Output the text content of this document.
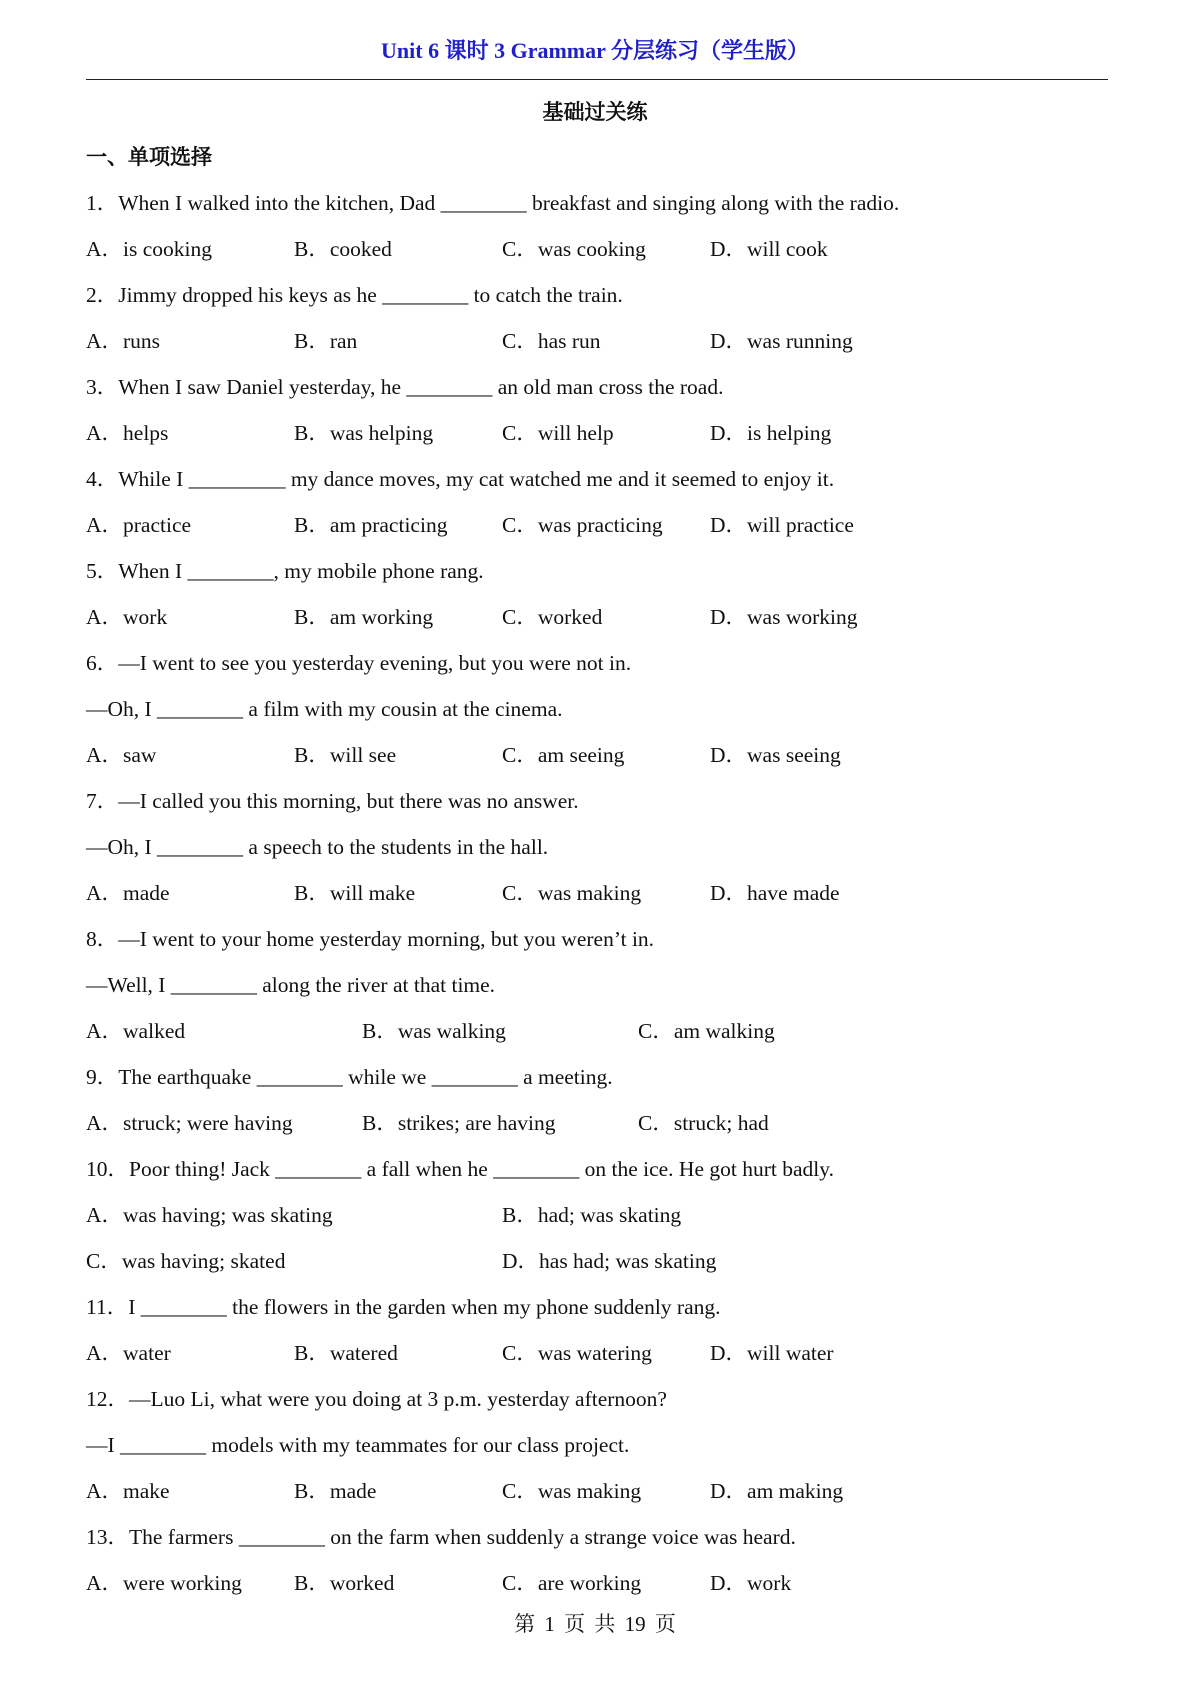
Unit 6 课时 3 Grammar 分层练习（学生版）
基础过关练
一、单项选择
1．When I walked into the kitchen, Dad ________ breakfast and singing along with the radio.
A．is cooking	B．cooked	C．was cooking	D．will cook
2．Jimmy dropped his keys as he ________ to catch the train.
A．runs	B．ran	C．has run	D．was running
3．When I saw Daniel yesterday, he ________ an old man cross the road.
A．helps	B．was helping	C．will help	D．is helping
4．While I _________ my dance moves, my cat watched me and it seemed to enjoy it.
A．practice	B．am practicing	C．was practicing D．will practice
5．When I ________, my mobile phone rang.
A．work	B．am working	C．worked	D．was working
6．—I went to see you yesterday evening, but you were not in.
—Oh, I ________ a film with my cousin at the cinema.
A．saw	B．will see	C．am seeing	D．was seeing
7．—I called you this morning, but there was no answer.
—Oh, I ________ a speech to the students in the hall.
A．made	B．will make	C．was making	D．have made
8．—I went to your home yesterday morning, but you weren’t in.
—Well, I ________ along the river at that time.
A．walked	B．was walking	C．am walking
9．The earthquake ________ while we ________ a meeting.
A．struck; were having	B．strikes; are having	C．struck; had
10．Poor thing! Jack ________ a fall when he ________ on the ice. He got hurt badly.
A．was having; was skating	B．had; was skating
C．was having; skated	D．has had; was skating
11．I ________ the flowers in the garden when my phone suddenly rang.
A．water	B．watered	C．was watering	D．will water
12．—Luo Li, what were you doing at 3 p.m. yesterday afternoon?
—I ________ models with my teammates for our class project.
A．make	B．made	C．was making	D．am making
13．The farmers ________ on the farm when suddenly a strange voice was heard.
A．were working B．worked	C．are working	D．work
第 1 页 共 19 页
